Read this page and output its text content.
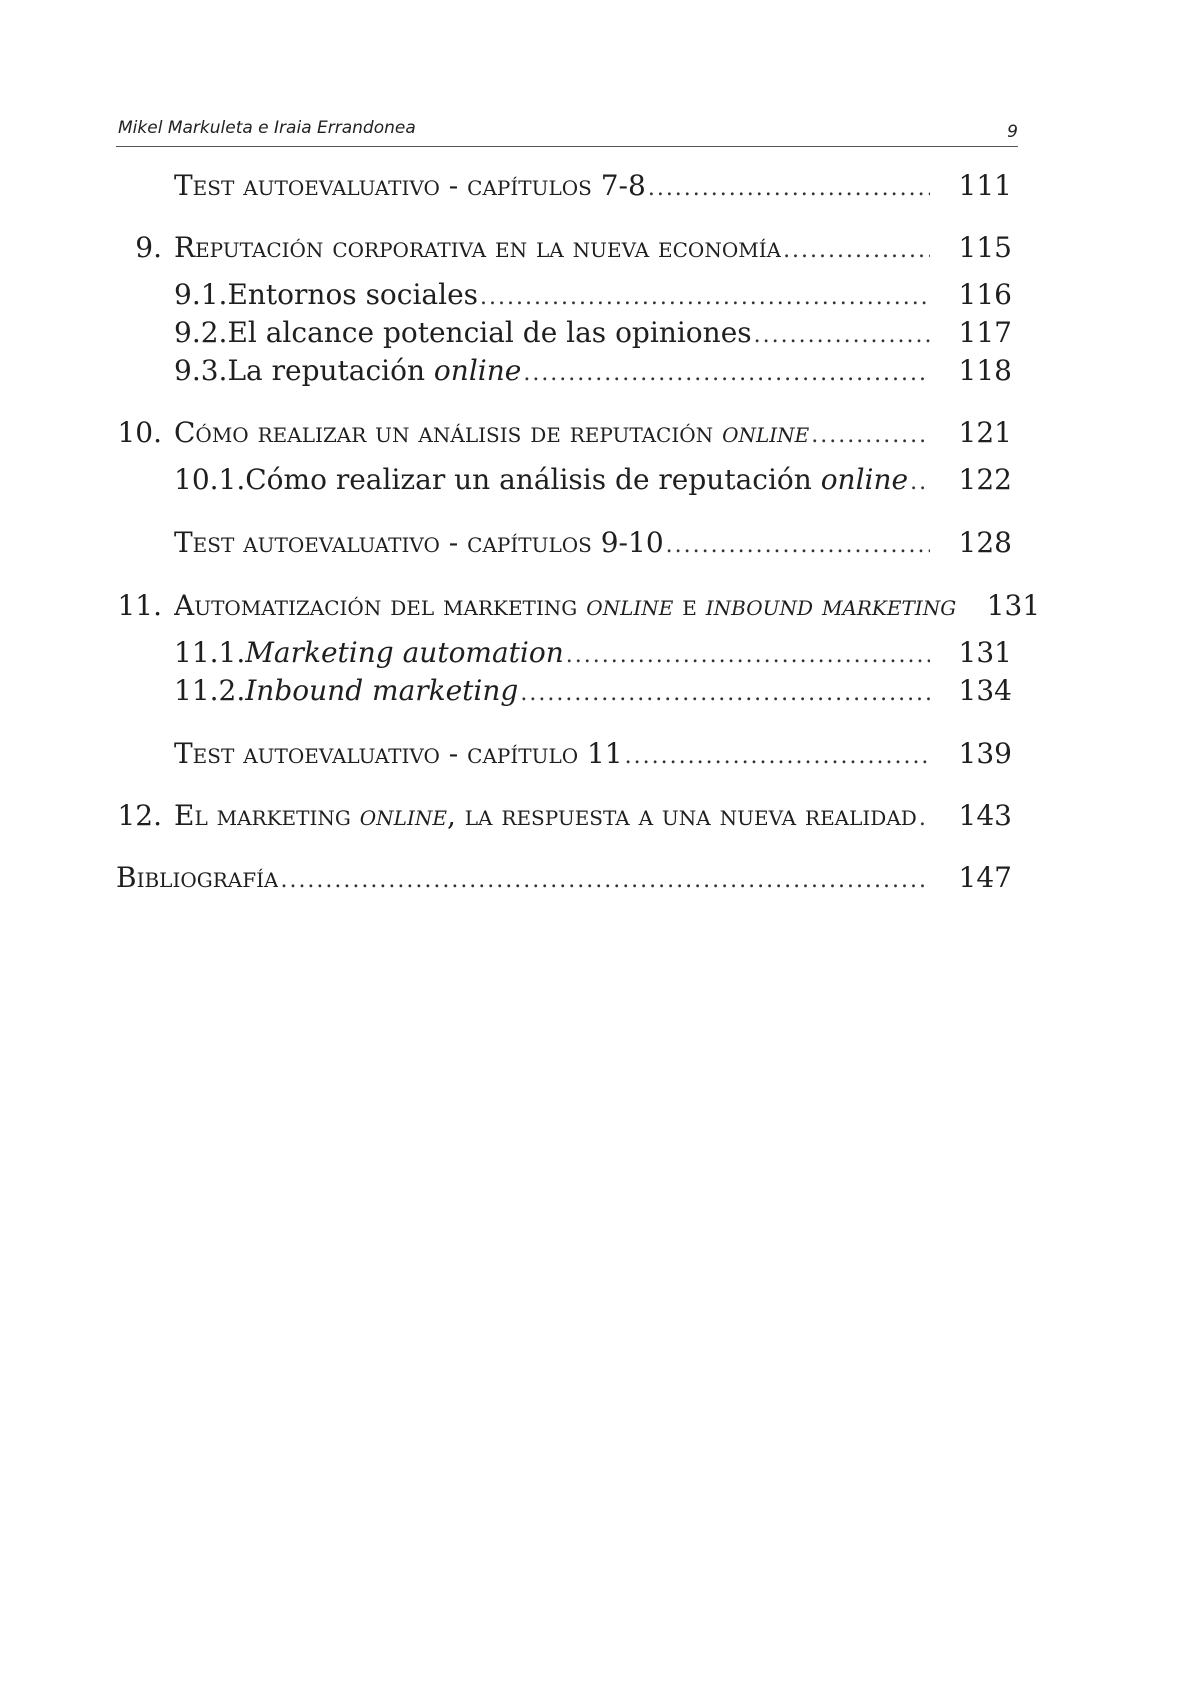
Mikel Markuleta e Iraia Errandonea	9
Test autoevaluativo - capítulos 7-8 .....	111
9. Reputación corporativa en la nueva economía .....	115
9.1. Entornos sociales .....	116
9.2. El alcance potencial de las opiniones .....	117
9.3. La reputación online .....	118
10. Cómo realizar un análisis de reputación online .....	121
10.1. Cómo realizar un análisis de reputación online .....	122
Test autoevaluativo - capítulos 9-10 .....	128
11. Automatización del marketing online e inbound marketing .....	131
11.1. Marketing automation .....	131
11.2. Inbound marketing .....	134
Test autoevaluativo - capítulo 11 .....	139
12. El marketing online, la respuesta a una nueva realidad .....	143
Bibliografía .....	147
